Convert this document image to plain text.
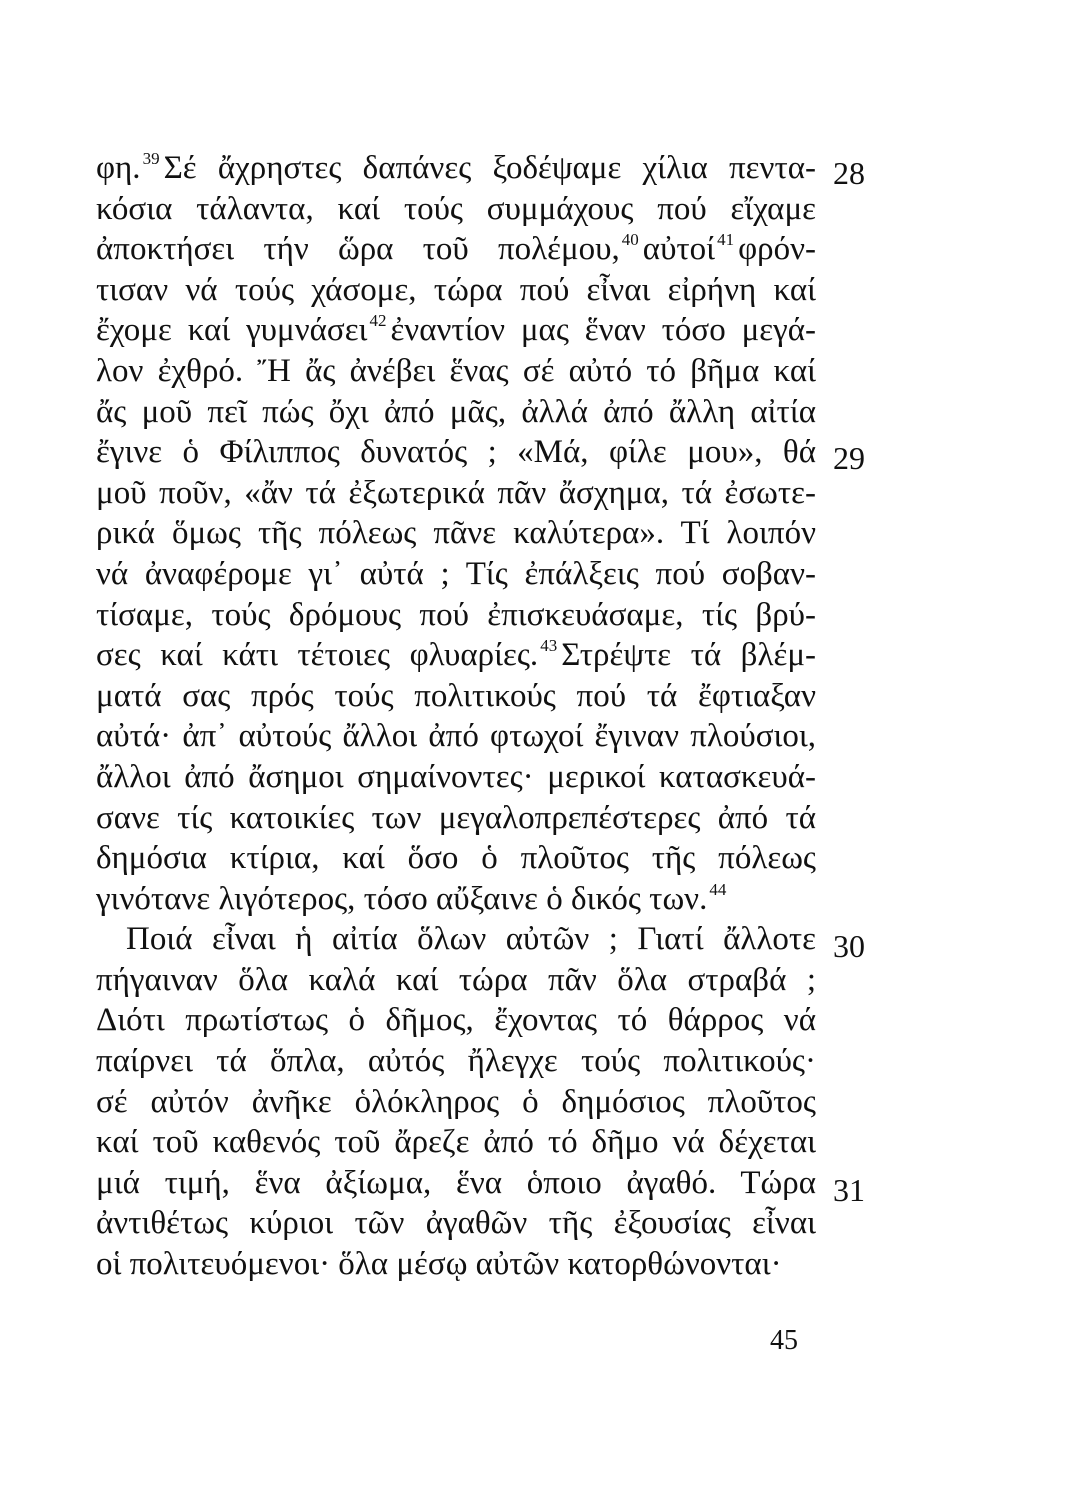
φη. $^{39}$ Σέ ἄχρηστες δαπάνες ξοδέψαμε χίλια πεντα-
κόσια τάλαντα, καί τούς συμμάχους πού εἴχαμε
ἀποκτήσει τήν ὥρα τοῦ πολέμου, $^{40}$ αὐτοί $^{41}$ φρόν-
τισαν νά τούς χάσομε, τώρα πού εἶναι εἰρήνη καί
ἔχομε καί γυμνάσει $^{42}$ ἐναντίον μας ἕναν τόσο μεγά-
λον ἐχθρό. Ἤ ἄς ἀνέβει ἕνας σέ αὐτό τό βῆμα καί
ἄς μοῦ πεῖ πώς ὄχι ἀπό μᾶς, ἀλλά ἀπό ἄλλη αἰτία
ἔγινε ὁ Φίλιππος δυνατός ; «Μά, φίλε μου», θά
μοῦ ποῦν, «ἄν τά ἐξωτερικά πᾶν ἄσχημα, τά ἐσωτε-
ρικά ὅμως τῆς πόλεως πᾶνε καλύτερα». Τί λοιπόν
νά ἀναφέρομε γι᾽ αὐτά ; Τίς ἐπάλξεις πού σοβαν-
τίσαμε, τούς δρόμους πού ἐπισκευάσαμε, τίς βρύ-
σες καί κάτι τέτοιες φλυαρίες. $^{43}$ Στρέψτε τά βλέμ-
ματά σας πρός τούς πολιτικούς πού τά ἔφτιαξαν
αὐτά· ἀπ᾽ αὐτούς ἄλλοι ἀπό φτωχοί ἔγιναν πλούσιοι,
ἄλλοι ἀπό ἄσημοι σημαίνοντες· μερικοί κατασκευά-
σανε τίς κατοικίες των μεγαλοπρεπέστερες ἀπό τά
δημόσια κτίρια, καί ὅσο ὁ πλοῦτος τῆς πόλεως
γινότανε λιγότερος, τόσο αὔξαινε ὁ δικός των. $^{44}$
Ποιά εἶναι ἡ αἰτία ὅλων αὐτῶν ; Γιατί ἄλλοτε
πήγαιναν ὅλα καλά καί τώρα πᾶν ὅλα στραβά ;
Διότι πρωτίστως ὁ δῆμος, ἔχοντας τό θάρρος νά
παίρνει τά ὅπλα, αὐτός ἤλεγχε τούς πολιτικούς·
σέ αὐτόν ἀνῆκε ὁλόκληρος ὁ δημόσιος πλοῦτος
καί τοῦ καθενός τοῦ ἄρεζε ἀπό τό δῆμο νά δέχεται
μιά τιμή, ἕνα ἀξίωμα, ἕνα ὁποιο ἀγαθό. Τώρα
ἀντιθέτως κύριοι τῶν ἀγαθῶν τῆς ἐξουσίας εἶναι
οἱ πολιτευόμενοι· ὅλα μέσῳ αὐτῶν κατορθώνονται·
28
29
30
31
45
